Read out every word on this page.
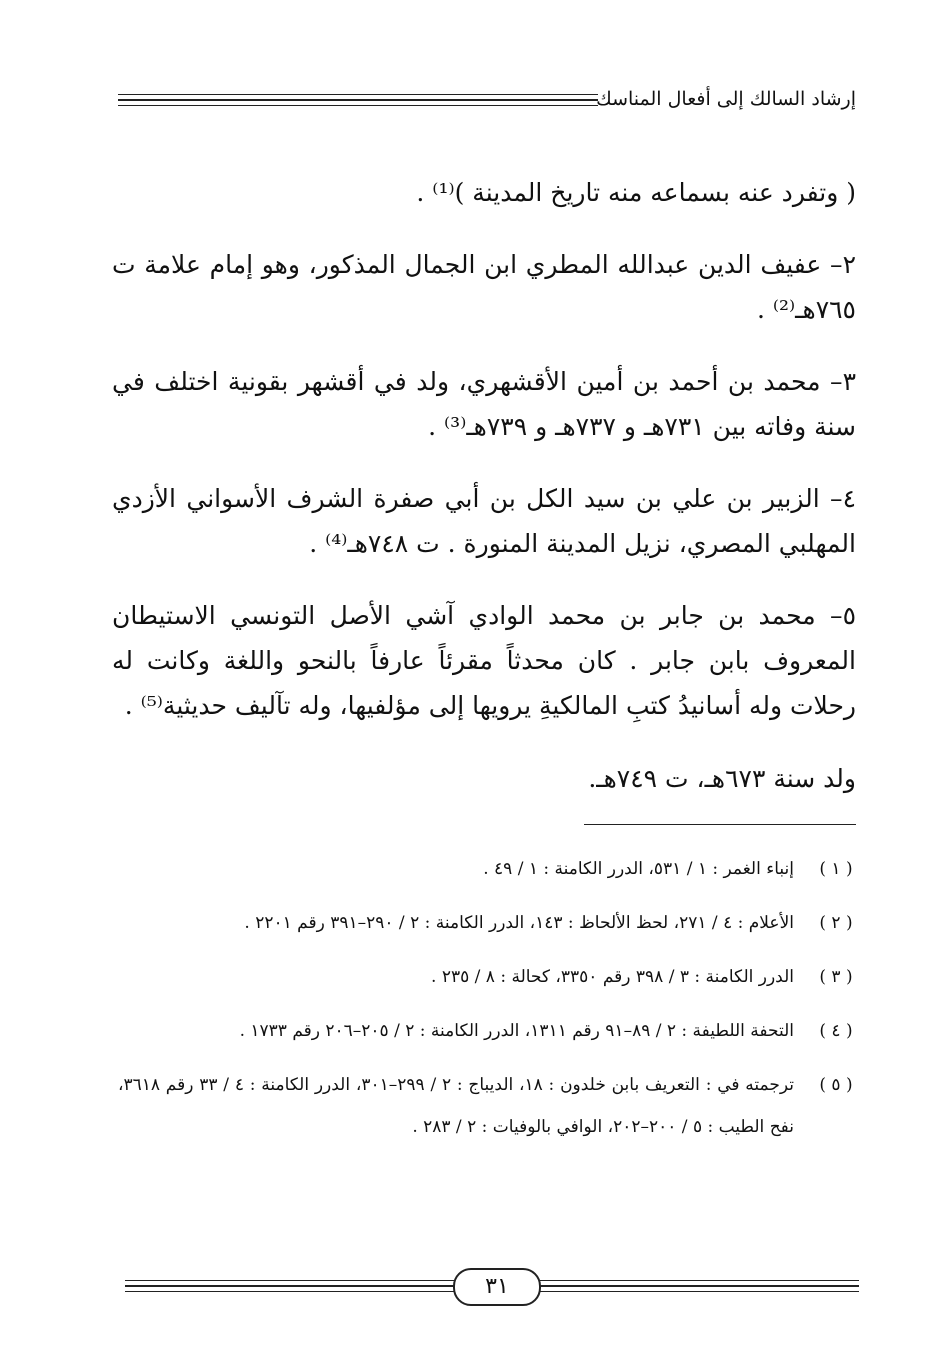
إرشاد السالك إلى أفعال المناسك

( وتفرد عنه بسماعه منه تاريخ المدينة )⁽¹⁾ .

٢– عفيف الدين عبدالله المطري ابن الجمال المذكور، وهو إمام علامة ت ٧٦٥هـ⁽²⁾ .

٣– محمد بن أحمد بن أمين الأقشهري، ولد في أقشهر بقونية اختلف في سنة وفاته بين ٧٣١هـ و ٧٣٧هـ و ٧٣٩هـ⁽³⁾ .

٤– الزبير بن علي بن سيد الكل بن أبي صفرة الشرف الأسواني الأزدي المهلبي المصري، نزيل المدينة المنورة . ت ٧٤٨هـ⁽⁴⁾ .

٥– محمد بن جابر بن محمد الوادي آشي الأصل التونسي الاستيطان المعروف بابن جابر . كان محدثاً مقرئاً عارفاً بالنحو واللغة وكانت له رحلات وله أسانيدُ كتبِ المالكيةِ يرويها إلى مؤلفيها، وله تآليف حديثية⁽⁵⁾ .

ولد سنة ٦٧٣هـ، ت ٧٤٩هـ.

( ١ )
إنباء الغمر : ١ / ٥٣١، الدرر الكامنة : ١ / ٤٩ .
( ٢ )
الأعلام : ٤ / ٢٧١، لحظ الألحاظ : ١٤٣، الدرر الكامنة : ٢ / ٢٩٠–٣٩١ رقم ٢٢٠١ .
( ٣ )
الدرر الكامنة : ٣ / ٣٩٨ رقم ٣٣٥٠، كحالة : ٨ / ٢٣٥ .
( ٤ )
التحفة اللطيفة : ٢ / ٨٩–٩١ رقم ١٣١١، الدرر الكامنة : ٢ / ٢٠٥–٢٠٦ رقم ١٧٣٣ .
( ٥ )
ترجمته في : التعريف بابن خلدون : ١٨، الديباج : ٢ / ٢٩٩–٣٠١، الدرر الكامنة : ٤ / ٣٣ رقم ٣٦١٨، نفح الطيب : ٥ / ٢٠٠–٢٠٢، الوافي بالوفيات : ٢ / ٢٨٣ .
٣١
